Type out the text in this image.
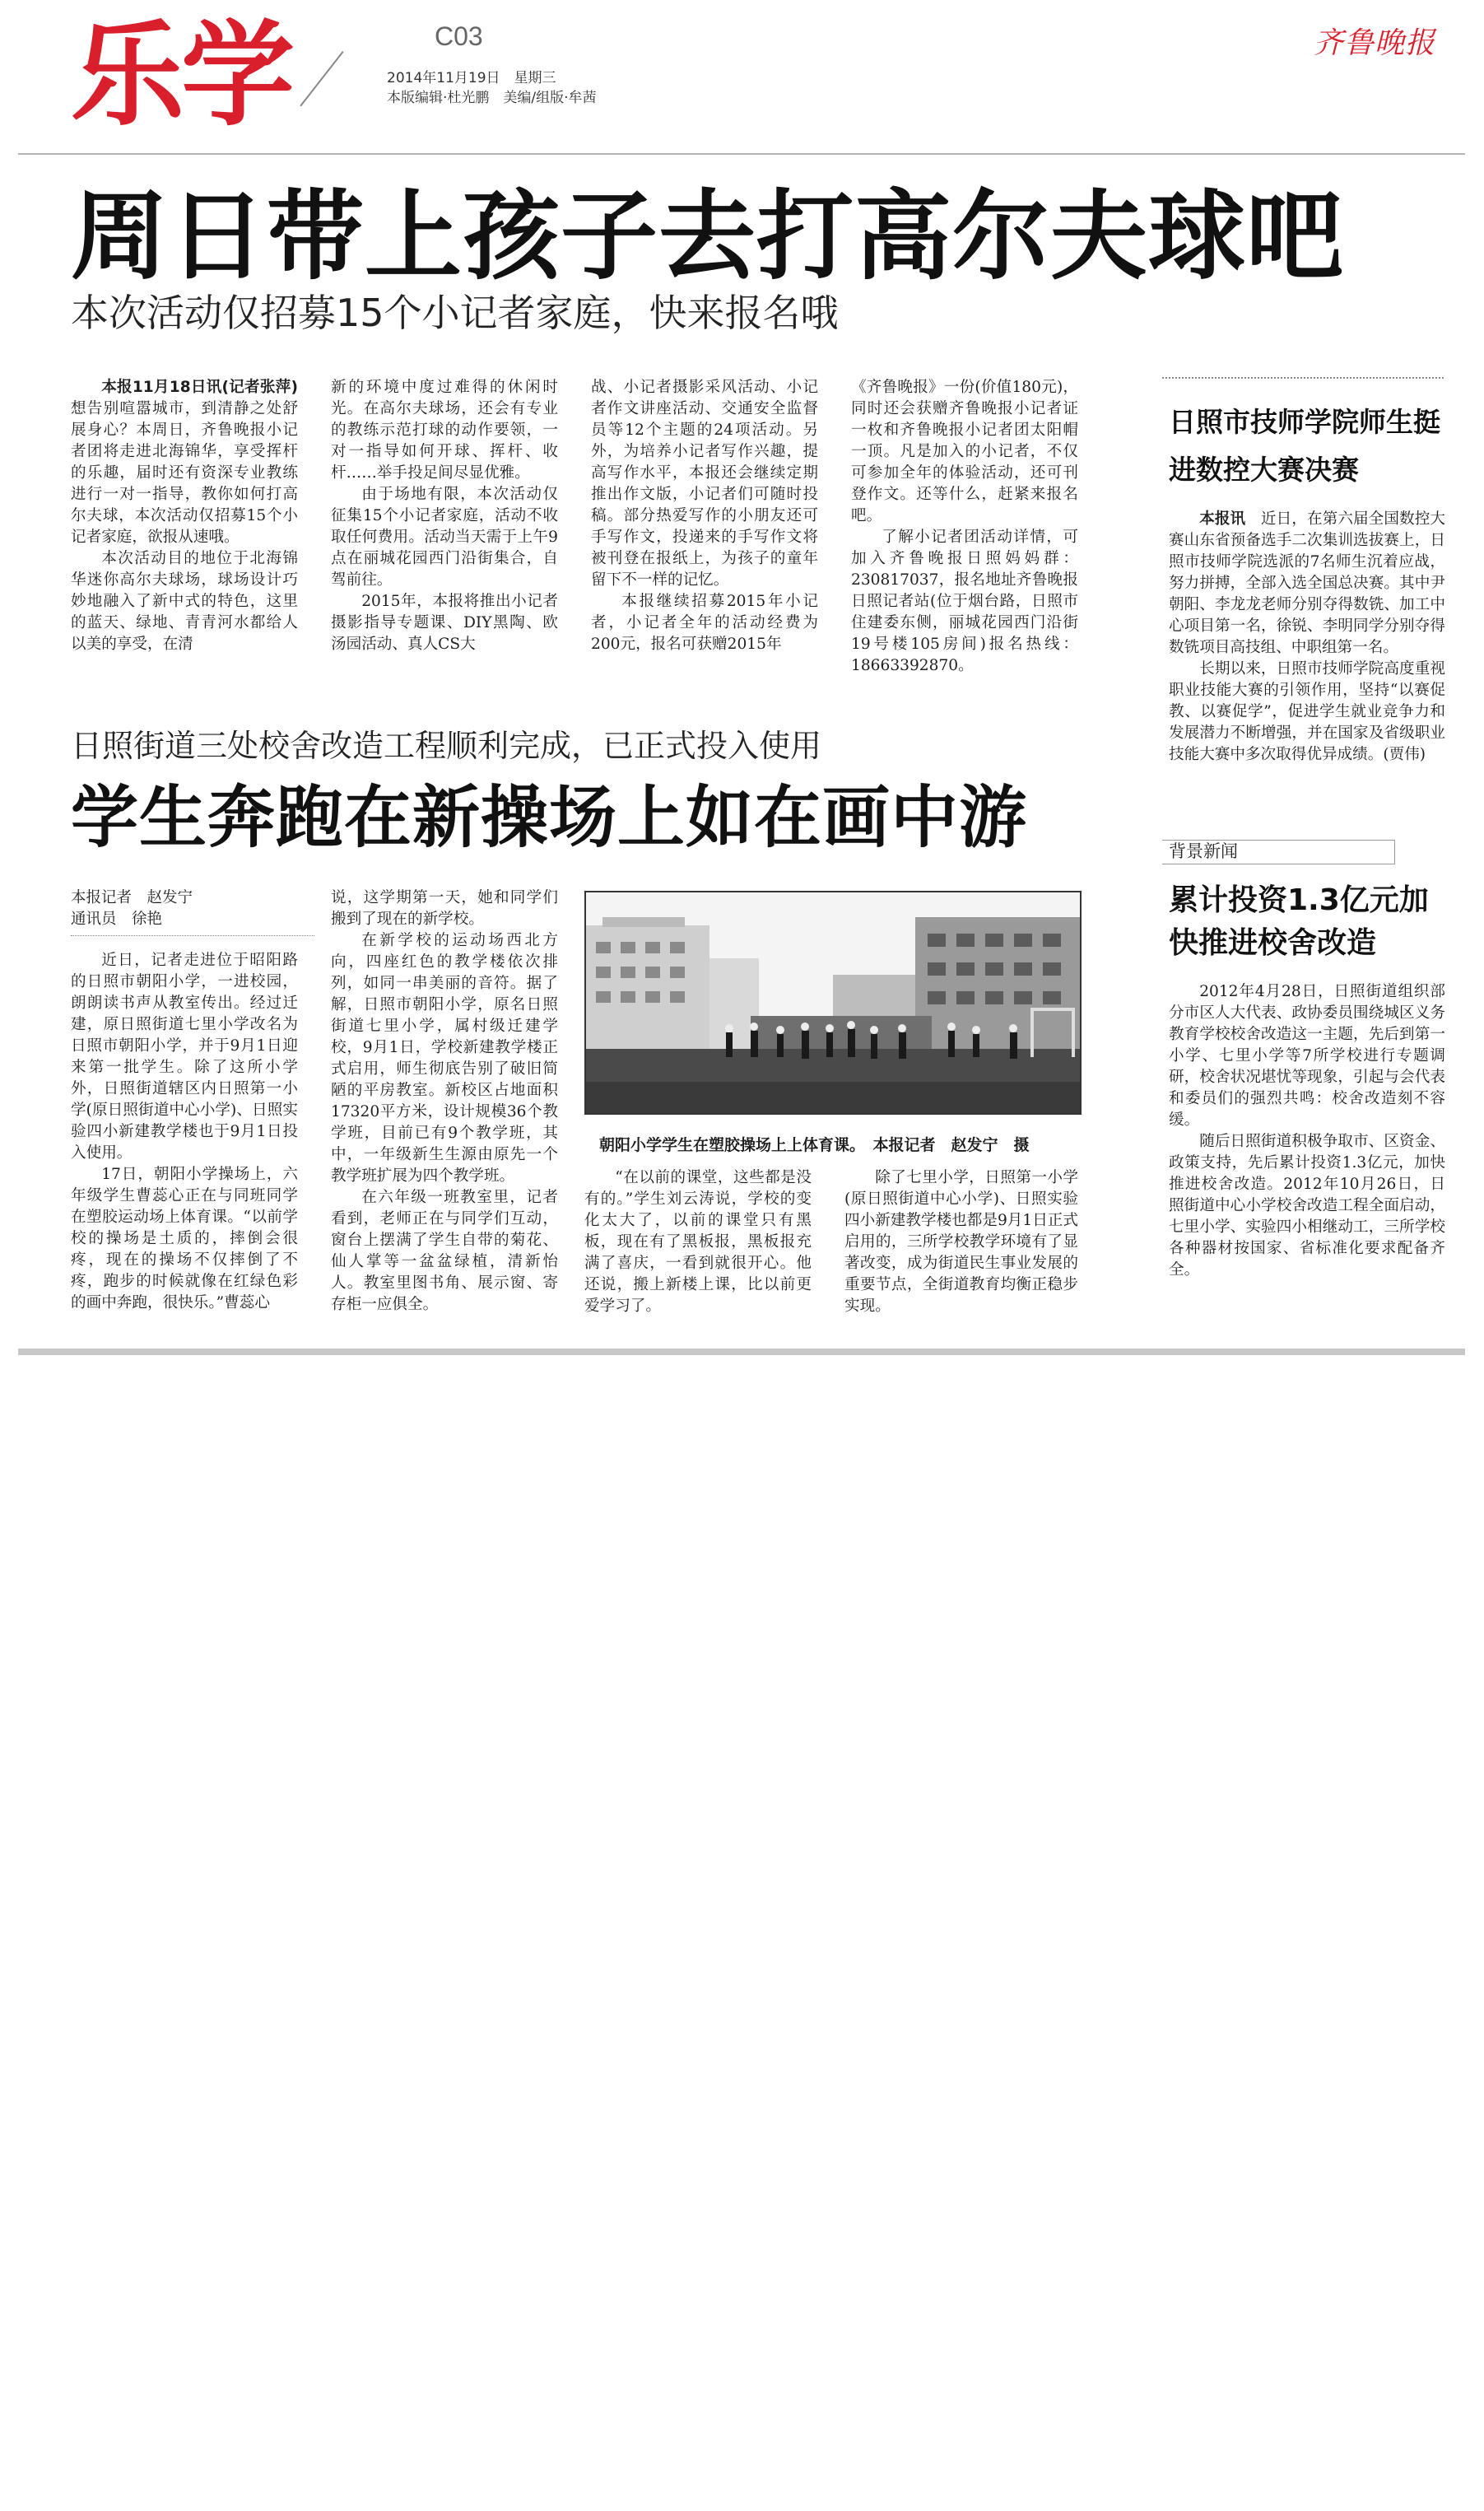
乐学	C03
2014年11月19日　星期三
本版编辑·杜光鹏　美编/组版·牟茜
齐鲁晚报
周日带上孩子去打高尔夫球吧
本次活动仅招募15个小记者家庭，快来报名哦

本报11月18日讯(记者张萍)想告别喧嚣城市，到清静之处舒展身心？本周日，齐鲁晚报小记者团将走进北海锦华，享受挥杆的乐趣，届时还有资深专业教练进行一对一指导，教你如何打高尔夫球，本次活动仅招募15个小记者家庭，欲报从速哦。

本次活动目的地位于北海锦华迷你高尔夫球场，球场设计巧妙地融入了新中式的特色，这里的蓝天、绿地、青青河水都给人以美的享受，在清

新的环境中度过难得的休闲时光。在高尔夫球场，还会有专业的教练示范打球的动作要领，一对一指导如何开球、挥杆、收杆……举手投足间尽显优雅。

由于场地有限，本次活动仅征集15个小记者家庭，活动不收取任何费用。活动当天需于上午9点在丽城花园西门沿街集合，自驾前往。

2015年，本报将推出小记者摄影指导专题课、DIY黑陶、欧汤园活动、真人CS大

战、小记者摄影采风活动、小记者作文讲座活动、交通安全监督员等12个主题的24项活动。另外，为培养小记者写作兴趣，提高写作水平，本报还会继续定期推出作文版，小记者们可随时投稿。部分热爱写作的小朋友还可手写作文，投递来的手写作文将被刊登在报纸上，为孩子的童年留下不一样的记忆。

本报继续招募2015年小记者，小记者全年的活动经费为200元，报名可获赠2015年

《齐鲁晚报》一份(价值180元)，同时还会获赠齐鲁晚报小记者证一枚和齐鲁晚报小记者团太阳帽一顶。凡是加入的小记者，不仅可参加全年的体验活动，还可刊登作文。还等什么，赶紧来报名吧。

了解小记者团活动详情，可加入齐鲁晚报日照妈妈群：230817037，报名地址齐鲁晚报日照记者站(位于烟台路，日照市住建委东侧，丽城花园西门沿街19号楼105房间)报名热线：18663392870。

日照市技师学院师生挺进数控大赛决赛

本报讯　 近日，在第六届全国数控大赛山东省预备选手二次集训选拔赛上，日照市技师学院选派的7名师生沉着应战，努力拼搏，全部入选全国总决赛。其中尹朝阳、李龙龙老师分别夺得数铣、加工中心项目第一名，徐锐、李明同学分别夺得数铣项目高技组、中职组第一名。

长期以来，日照市技师学院高度重视职业技能大赛的引领作用，坚持“以赛促教、以赛促学”，促进学生就业竞争力和发展潜力不断增强，并在国家及省级职业技能大赛中多次取得优异成绩。(贾伟)

日照街道三处校舍改造工程顺利完成，已正式投入使用
学生奔跑在新操场上如在画中游
本报记者　赵发宁
通讯员　徐艳

近日，记者走进位于昭阳路的日照市朝阳小学，一进校园，朗朗读书声从教室传出。经过迁建，原日照街道七里小学改名为日照市朝阳小学，并于9月1日迎来第一批学生。除了这所小学外，日照街道辖区内日照第一小学(原日照街道中心小学)、日照实验四小新建教学楼也于9月1日投入使用。

17日，朝阳小学操场上，六年级学生曹蕊心正在与同班同学在塑胶运动场上体育课。“以前学校的操场是土质的，摔倒会很疼，现在的操场不仅摔倒了不疼，跑步的时候就像在红绿色彩的画中奔跑，很快乐。”曹蕊心

说，这学期第一天，她和同学们搬到了现在的新学校。

在新学校的运动场西北方向，四座红色的教学楼依次排列，如同一串美丽的音符。据了解，日照市朝阳小学，原名日照街道七里小学，属村级迁建学校，9月1日，学校新建教学楼正式启用，师生彻底告别了破旧简陋的平房教室。新校区占地面积17320平方米，设计规模36个教学班，目前已有9个教学班，其中，一年级新生生源由原先一个教学班扩展为四个教学班。

在六年级一班教室里，记者看到，老师正在与同学们互动，窗台上摆满了学生自带的菊花、仙人掌等一盆盆绿植，清新怡人。教室里图书角、展示窗、寄存柜一应俱全。

朝阳小学学生在塑胶操场上上体育课。　本报记者　赵发宁　摄

“在以前的课堂，这些都是没有的。”学生刘云涛说，学校的变化太大了，以前的课堂只有黑板，现在有了黑板报，黑板报充满了喜庆，一看到就很开心。他还说，搬上新楼上课，比以前更爱学习了。

除了七里小学，日照第一小学(原日照街道中心小学)、日照实验四小新建教学楼也都是9月1日正式启用的，三所学校教学环境有了显著改变，成为街道民生事业发展的重要节点，全街道教育均衡正稳步实现。

背景新闻
累计投资1.3亿元加快推进校舍改造

2012年4月28日，日照街道组织部分市区人大代表、政协委员围绕城区义务教育学校校舍改造这一主题，先后到第一小学、七里小学等7所学校进行专题调研，校舍状况堪忧等现象，引起与会代表和委员们的强烈共鸣：校舍改造刻不容缓。

随后日照街道积极争取市、区资金、政策支持，先后累计投资1.3亿元，加快推进校舍改造。2012年10月26日，日照街道中心小学校舍改造工程全面启动，七里小学、实验四小相继动工，三所学校各种器材按国家、省标准化要求配备齐全。
